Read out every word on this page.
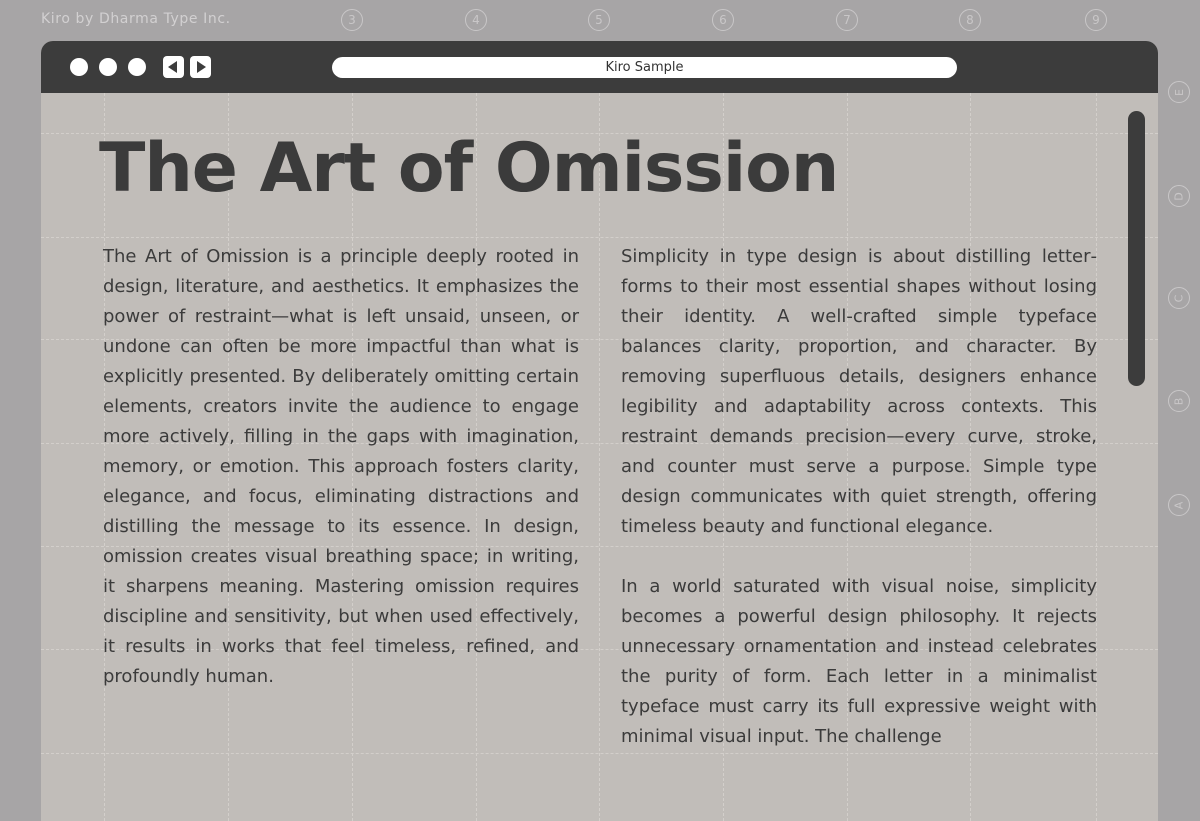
Kiro by Dharma Type Inc.	3	4	5	6	7	8	9
E
D
C
B
A
Kiro Sample
The Art of Omission

The Art of Omission is a principle deeply rooted in design, literature, and aesthetics. It emphasizes the power of restraint—what is left unsaid, unseen, or undone can often be more impactful than what is explicitly presented. By deliberately omitting certain elements, creators invite the audience to engage more actively, filling in the gaps with imagination, memory, or emotion. This approach fosters clarity, elegance, and focus, eliminating distractions and distilling the message to its essence. In design, omission creates visual breathing space; in writing, it sharpens meaning. Mastering omission requires discipline and sensitivity, but when used effectively, it results in works that feel timeless, refined, and profoundly human.

Simplicity in type design is about distilling letterforms to their most essential shapes without losing their identity. A well-crafted simple typeface balances clarity, proportion, and character. By removing superfluous details, designers enhance legibility and adaptability across contexts. This restraint demands precision—every curve, stroke, and counter must serve a purpose. Simple type design communicates with quiet strength, offering timeless beauty and functional elegance.

In a world saturated with visual noise, simplicity becomes a powerful design philosophy. It rejects unnecessary ornamentation and instead celebrates the purity of form. Each letter in a minimalist typeface must carry its full expressive weight with minimal visual input. The challenge
